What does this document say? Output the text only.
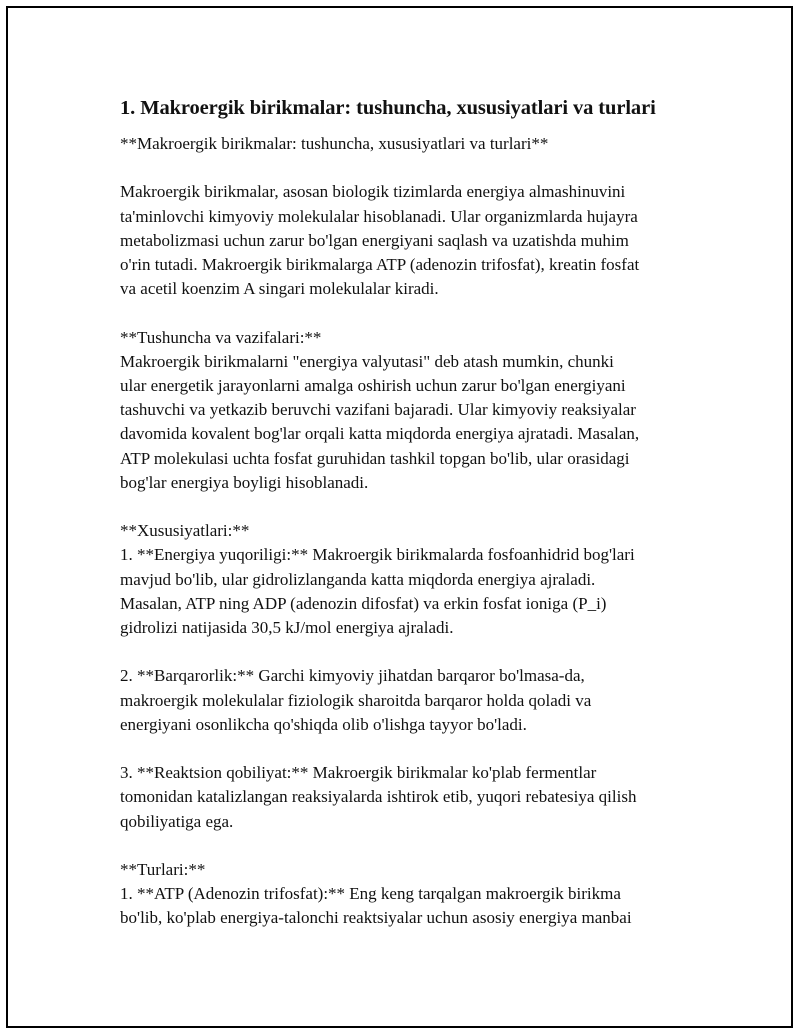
1. Makroergik birikmalar: tushuncha, xususiyatlari va turlari

**Makroergik birikmalar: tushuncha, xususiyatlari va turlari**

Makroergik birikmalar, asosan biologik tizimlarda energiya almashinuvini
ta'minlovchi kimyoviy molekulalar hisoblanadi. Ular organizmlarda hujayra
metabolizmasi uchun zarur bo'lgan energiyani saqlash va uzatishda muhim
o'rin tutadi. Makroergik birikmalarga ATP (adenozin trifosfat), kreatin fosfat
va acetil koenzim A singari molekulalar kiradi.

**Tushuncha va vazifalari:**
Makroergik birikmalarni "energiya valyutasi" deb atash mumkin, chunki
ular energetik jarayonlarni amalga oshirish uchun zarur bo'lgan energiyani
tashuvchi va yetkazib beruvchi vazifani bajaradi. Ular kimyoviy reaksiyalar
davomida kovalent bog'lar orqali katta miqdorda energiya ajratadi. Masalan,
ATP molekulasi uchta fosfat guruhidan tashkil topgan bo'lib, ular orasidagi
bog'lar energiya boyligi hisoblanadi.

**Xususiyatlari:**
1. **Energiya yuqoriligi:** Makroergik birikmalarda fosfoanhidrid bog'lari
mavjud bo'lib, ular gidrolizlanganda katta miqdorda energiya ajraladi.
Masalan, ATP ning ADP (adenozin difosfat) va erkin fosfat ioniga (P_i)
gidrolizi natijasida 30,5 kJ/mol energiya ajraladi.

2. **Barqarorlik:** Garchi kimyoviy jihatdan barqaror bo'lmasa-da,
makroergik molekulalar fiziologik sharoitda barqaror holda qoladi va
energiyani osonlikcha qo'shiqda olib o'lishga tayyor bo'ladi.

3. **Reaktsion qobiliyat:** Makroergik birikmalar ko'plab fermentlar
tomonidan katalizlangan reaksiyalarda ishtirok etib, yuqori rebatesiya qilish
qobiliyatiga ega.

**Turlari:**
1. **ATP (Adenozin trifosfat):** Eng keng tarqalgan makroergik birikma
bo'lib, ko'plab energiya-talonchi reaktsiyalar uchun asosiy energiya manbai
